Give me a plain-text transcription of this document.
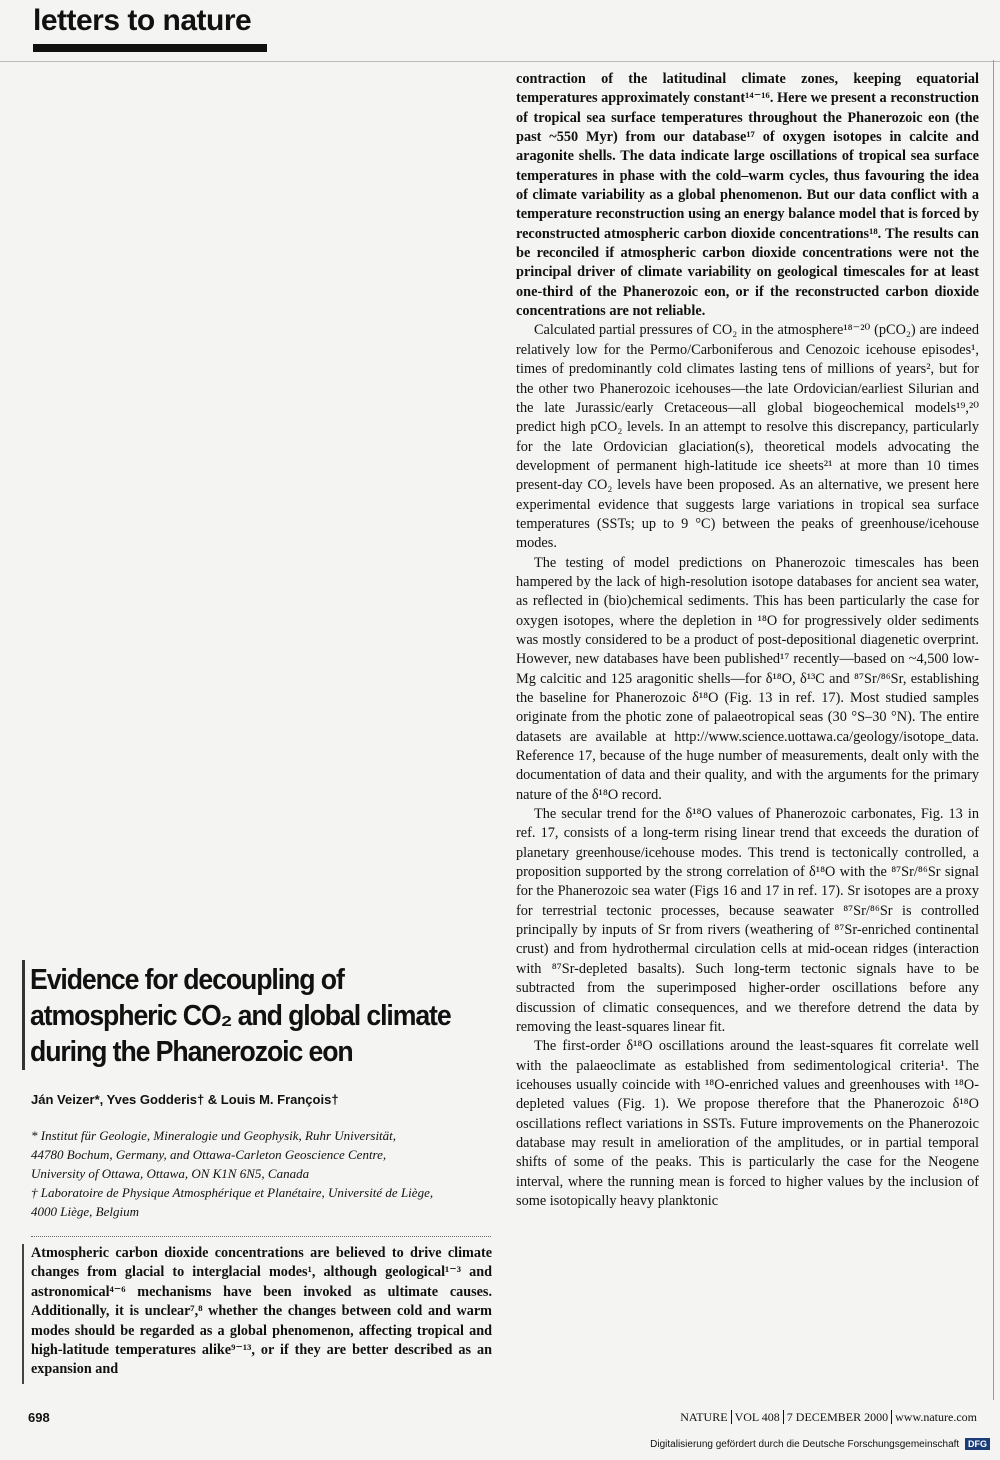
letters to nature
Evidence for decoupling of atmospheric CO₂ and global climate during the Phanerozoic eon
Ján Veizer*, Yves Godderis† & Louis M. François†
* Institut für Geologie, Mineralogie und Geophysik, Ruhr Universität,
44780 Bochum, Germany, and Ottawa-Carleton Geoscience Centre,
University of Ottawa, Ottawa, ON K1N 6N5, Canada
† Laboratoire de Physique Atmosphérique et Planétaire, Université de Liège,
4000 Liège, Belgium

Atmospheric carbon dioxide concentrations are believed to drive climate changes from glacial to interglacial modes¹, although geological¹⁻³ and astronomical⁴⁻⁶ mechanisms have been invoked as ultimate causes. Additionally, it is unclear⁷,⁸ whether the changes between cold and warm modes should be regarded as a global phenomenon, affecting tropical and high-latitude temperatures alike⁹⁻¹³, or if they are better described as an expansion and

contraction of the latitudinal climate zones, keeping equatorial temperatures approximately constant¹⁴⁻¹⁶. Here we present a reconstruction of tropical sea surface temperatures throughout the Phanerozoic eon (the past ~550 Myr) from our database¹⁷ of oxygen isotopes in calcite and aragonite shells. The data indicate large oscillations of tropical sea surface temperatures in phase with the cold–warm cycles, thus favouring the idea of climate variability as a global phenomenon. But our data conflict with a temperature reconstruction using an energy balance model that is forced by reconstructed atmospheric carbon dioxide concentrations¹⁸. The results can be reconciled if atmospheric carbon dioxide concentrations were not the principal driver of climate variability on geological timescales for at least one-third of the Phanerozoic eon, or if the reconstructed carbon dioxide concentrations are not reliable.

Calculated partial pressures of CO₂ in the atmosphere¹⁸⁻²⁰ (pCO₂) are indeed relatively low for the Permo/Carboniferous and Cenozoic icehouse episodes¹, times of predominantly cold climates lasting tens of millions of years², but for the other two Phanerozoic icehouses—the late Ordovician/earliest Silurian and the late Jurassic/early Cretaceous—all global biogeochemical models¹⁹,²⁰ predict high pCO₂ levels. In an attempt to resolve this discrepancy, particularly for the late Ordovician glaciation(s), theoretical models advocating the development of permanent high-latitude ice sheets²¹ at more than 10 times present-day CO₂ levels have been proposed. As an alternative, we present here experimental evidence that suggests large variations in tropical sea surface temperatures (SSTs; up to 9 °C) between the peaks of greenhouse/icehouse modes.

The testing of model predictions on Phanerozoic timescales has been hampered by the lack of high-resolution isotope databases for ancient sea water, as reflected in (bio)chemical sediments. This has been particularly the case for oxygen isotopes, where the depletion in ¹⁸O for progressively older sediments was mostly considered to be a product of post-depositional diagenetic overprint. However, new databases have been published¹⁷ recently—based on ~4,500 low-Mg calcitic and 125 aragonitic shells—for δ¹⁸O, δ¹³C and ⁸⁷Sr/⁸⁶Sr, establishing the baseline for Phanerozoic δ¹⁸O (Fig. 13 in ref. 17). Most studied samples originate from the photic zone of palaeotropical seas (30 °S–30 °N). The entire datasets are available at http://www.science.uottawa.ca/geology/isotope_data. Reference 17, because of the huge number of measurements, dealt only with the documentation of data and their quality, and with the arguments for the primary nature of the δ¹⁸O record.

The secular trend for the δ¹⁸O values of Phanerozoic carbonates, Fig. 13 in ref. 17, consists of a long-term rising linear trend that exceeds the duration of planetary greenhouse/icehouse modes. This trend is tectonically controlled, a proposition supported by the strong correlation of δ¹⁸O with the ⁸⁷Sr/⁸⁶Sr signal for the Phanerozoic sea water (Figs 16 and 17 in ref. 17). Sr isotopes are a proxy for terrestrial tectonic processes, because seawater ⁸⁷Sr/⁸⁶Sr is controlled principally by inputs of Sr from rivers (weathering of ⁸⁷Sr-enriched continental crust) and from hydrothermal circulation cells at mid-ocean ridges (interaction with ⁸⁷Sr-depleted basalts). Such long-term tectonic signals have to be subtracted from the superimposed higher-order oscillations before any discussion of climatic consequences, and we therefore detrend the data by removing the least-squares linear fit.

The first-order δ¹⁸O oscillations around the least-squares fit correlate well with the palaeoclimate as established from sedimentological criteria¹. The icehouses usually coincide with ¹⁸O-enriched values and greenhouses with ¹⁸O-depleted values (Fig. 1). We propose therefore that the Phanerozoic δ¹⁸O oscillations reflect variations in SSTs. Future improvements on the Phanerozoic database may result in amelioration of the amplitudes, or in partial temporal shifts of some of the peaks. This is particularly the case for the Neogene interval, where the running mean is forced to higher values by the inclusion of some isotopically heavy planktonic

698	NATURE VOL 408 7 DECEMBER 2000 www.nature.com
Digitalisierung gefördert durch die Deutsche Forschungsgemeinschaft DFG
